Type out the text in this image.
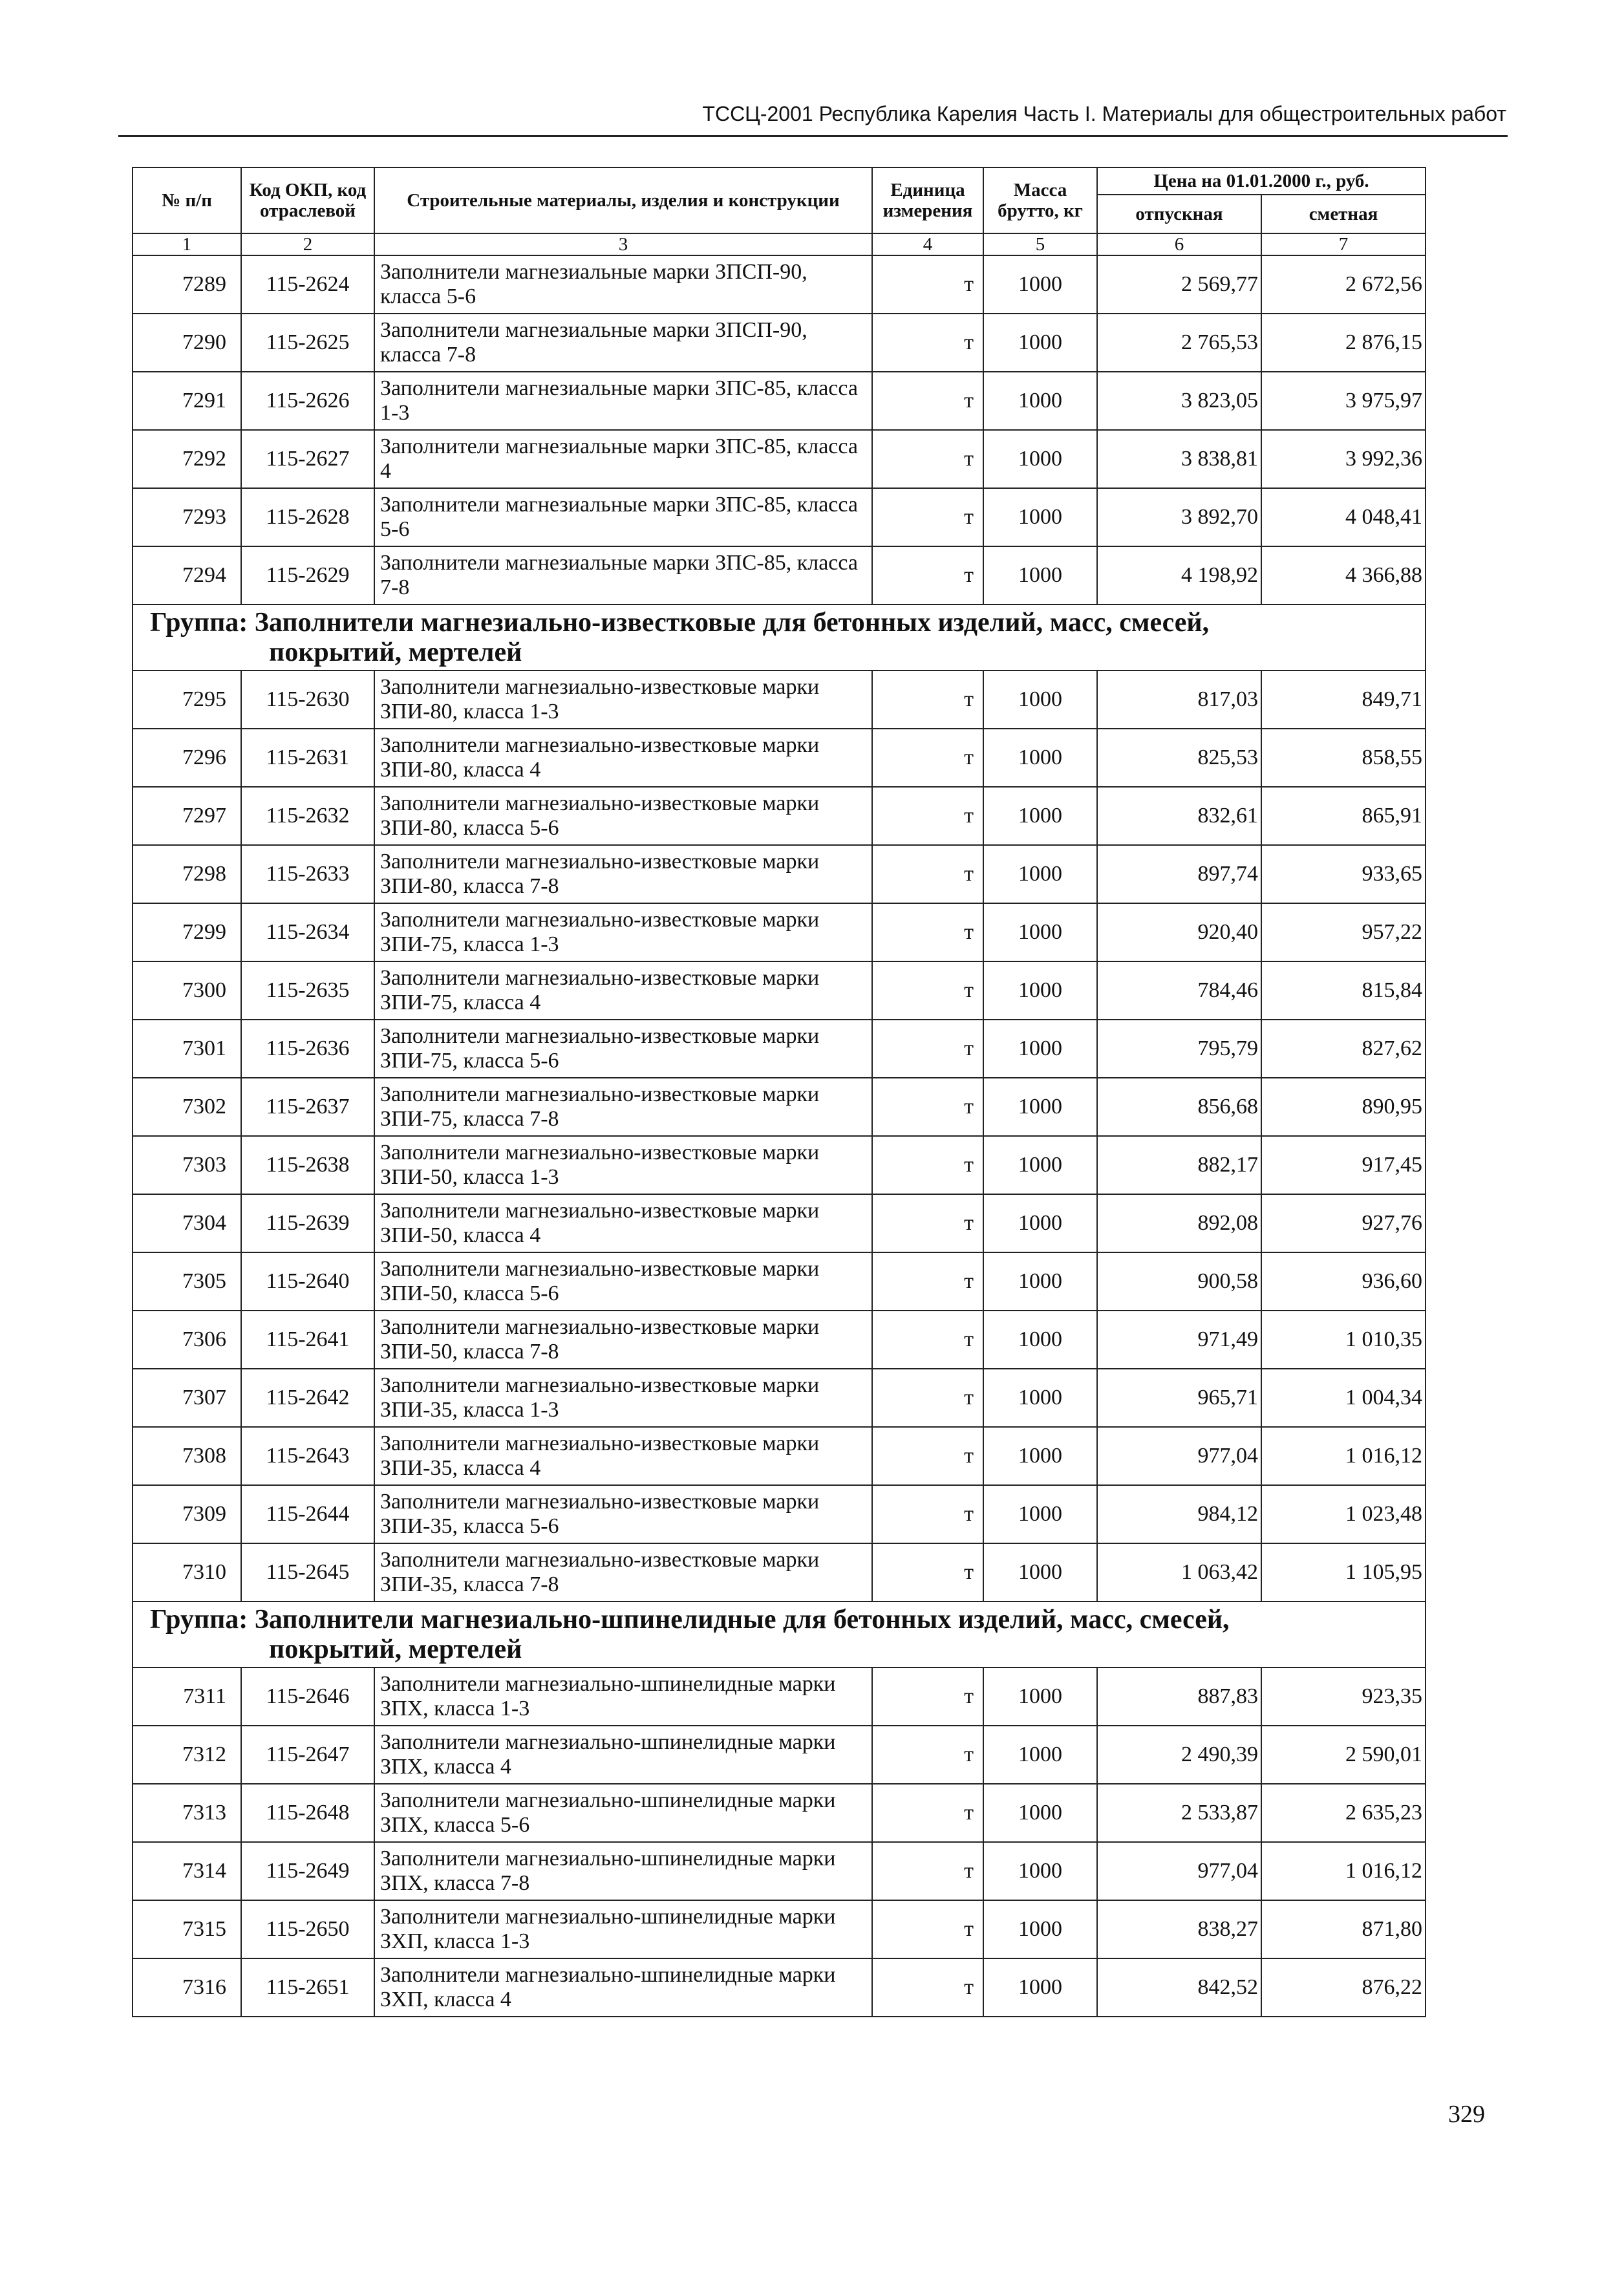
ТССЦ-2001 Республика Карелия Часть I. Материалы для общестроительных работ
№ п/п	Код ОКП, код отраслевой	Строительные материалы, изделия и конструкции	Единица измерения	Масса брутто, кг	Цена на 01.01.2000 г., руб.	
					отпускная	сметная
1	2	3	4	5	6	7
7289	115-2624	Заполнители магнезиальные марки ЗПСП-90, класса 5-6	т	1000	2 569,77	2 672,56
7290	115-2625	Заполнители магнезиальные марки ЗПСП-90, класса 7-8	т	1000	2 765,53	2 876,15
7291	115-2626	Заполнители магнезиальные марки ЗПС-85, класса 1-3	т	1000	3 823,05	3 975,97
7292	115-2627	Заполнители магнезиальные марки ЗПС-85, класса 4	т	1000	3 838,81	3 992,36
7293	115-2628	Заполнители магнезиальные марки ЗПС-85, класса 5-6	т	1000	3 892,70	4 048,41
7294	115-2629	Заполнители магнезиальные марки ЗПС-85, класса 7-8	т	1000	4 198,92	4 366,88

Группа: Заполнители магнезиально-известковые для бетонных изделий, масс, смесей,
покрытий, мертелей						

7295	115-2630	Заполнители магнезиально-известковые марки ЗПИ-80, класса 1-3	т	1000	817,03	849,71
7296	115-2631	Заполнители магнезиально-известковые марки ЗПИ-80, класса 4	т	1000	825,53	858,55
7297	115-2632	Заполнители магнезиально-известковые марки ЗПИ-80, класса 5-6	т	1000	832,61	865,91
7298	115-2633	Заполнители магнезиально-известковые марки ЗПИ-80, класса 7-8	т	1000	897,74	933,65
7299	115-2634	Заполнители магнезиально-известковые марки ЗПИ-75, класса 1-3	т	1000	920,40	957,22
7300	115-2635	Заполнители магнезиально-известковые марки ЗПИ-75, класса 4	т	1000	784,46	815,84
7301	115-2636	Заполнители магнезиально-известковые марки ЗПИ-75, класса 5-6	т	1000	795,79	827,62
7302	115-2637	Заполнители магнезиально-известковые марки ЗПИ-75, класса 7-8	т	1000	856,68	890,95
7303	115-2638	Заполнители магнезиально-известковые марки ЗПИ-50, класса 1-3	т	1000	882,17	917,45
7304	115-2639	Заполнители магнезиально-известковые марки ЗПИ-50, класса 4	т	1000	892,08	927,76
7305	115-2640	Заполнители магнезиально-известковые марки ЗПИ-50, класса 5-6	т	1000	900,58	936,60
7306	115-2641	Заполнители магнезиально-известковые марки ЗПИ-50, класса 7-8	т	1000	971,49	1 010,35
7307	115-2642	Заполнители магнезиально-известковые марки ЗПИ-35, класса 1-3	т	1000	965,71	1 004,34
7308	115-2643	Заполнители магнезиально-известковые марки ЗПИ-35, класса 4	т	1000	977,04	1 016,12
7309	115-2644	Заполнители магнезиально-известковые марки ЗПИ-35, класса 5-6	т	1000	984,12	1 023,48
7310	115-2645	Заполнители магнезиально-известковые марки ЗПИ-35, класса 7-8	т	1000	1 063,42	1 105,95

Группа: Заполнители магнезиально-шпинелидные для бетонных изделий, масс, смесей,
покрытий, мертелей						

7311	115-2646	Заполнители магнезиально-шпинелидные марки ЗПХ, класса 1-3	т	1000	887,83	923,35
7312	115-2647	Заполнители магнезиально-шпинелидные марки ЗПХ, класса 4	т	1000	2 490,39	2 590,01
7313	115-2648	Заполнители магнезиально-шпинелидные марки ЗПХ, класса 5-6	т	1000	2 533,87	2 635,23
7314	115-2649	Заполнители магнезиально-шпинелидные марки ЗПХ, класса 7-8	т	1000	977,04	1 016,12
7315	115-2650	Заполнители магнезиально-шпинелидные марки ЗХП, класса 1-3	т	1000	838,27	871,80
7316	115-2651	Заполнители магнезиально-шпинелидные марки ЗХП, класса 4	т	1000	842,52	876,22
329
